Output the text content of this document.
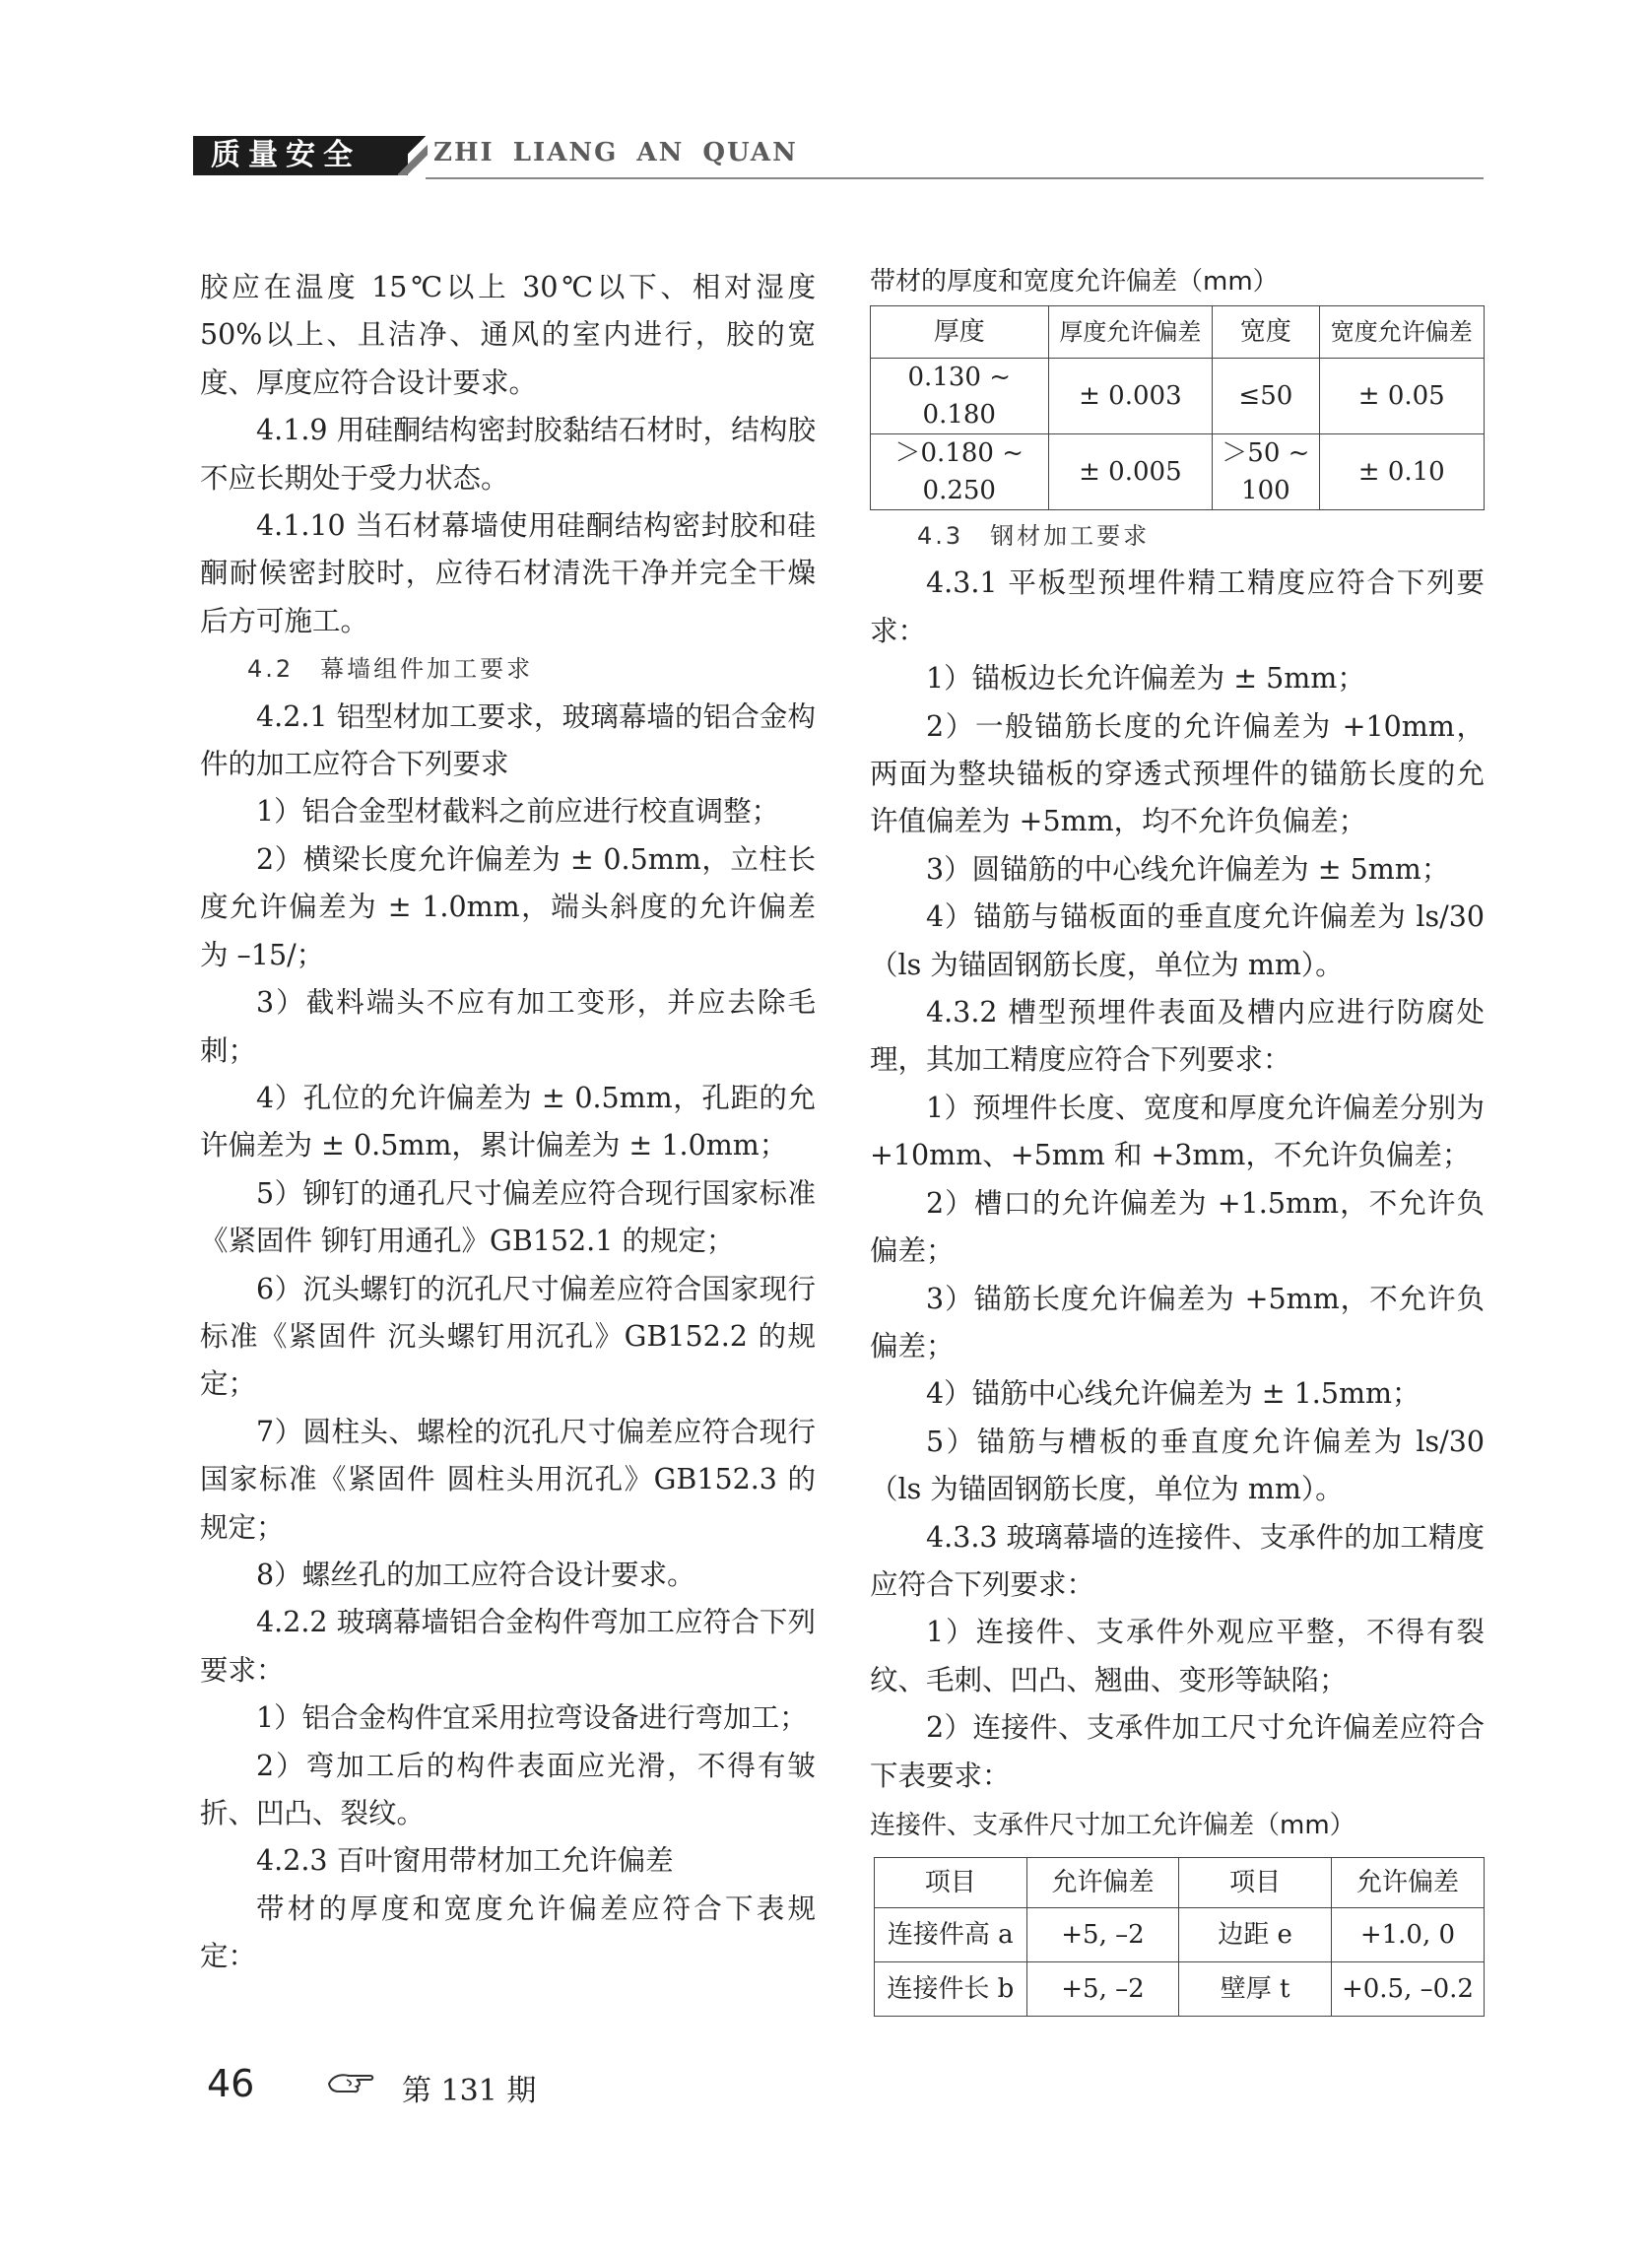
质量安全	ZHI LIANG AN QUAN

胶应在温度 15℃以上 30℃以下、相对湿度 50%以上、且洁净、通风的室内进行，胶的宽度、厚度应符合设计要求。

4.1.9 用硅酮结构密封胶黏结石材时，结构胶不应长期处于受力状态。

4.1.10 当石材幕墙使用硅酮结构密封胶和硅酮耐候密封胶时，应待石材清洗干净并完全干燥后方可施工。

4.2　幕墙组件加工要求

4.2.1 铝型材加工要求，玻璃幕墙的铝合金构件的加工应符合下列要求

1）铝合金型材截料之前应进行校直调整；

2）横梁长度允许偏差为 ± 0.5mm，立柱长度允许偏差为 ± 1.0mm，端头斜度的允许偏差为 –15/；

3）截料端头不应有加工变形，并应去除毛刺；

4）孔位的允许偏差为 ± 0.5mm，孔距的允许偏差为 ± 0.5mm，累计偏差为 ± 1.0mm；

5）铆钉的通孔尺寸偏差应符合现行国家标准《紧固件 铆钉用通孔》GB152.1 的规定；

6）沉头螺钉的沉孔尺寸偏差应符合国家现行标准《紧固件 沉头螺钉用沉孔》GB152.2 的规定；

7）圆柱头、螺栓的沉孔尺寸偏差应符合现行国家标准《紧固件 圆柱头用沉孔》GB152.3 的规定；

8）螺丝孔的加工应符合设计要求。

4.2.2 玻璃幕墙铝合金构件弯加工应符合下列要求：

1）铝合金构件宜采用拉弯设备进行弯加工；

2）弯加工后的构件表面应光滑，不得有皱折、凹凸、裂纹。

4.2.3 百叶窗用带材加工允许偏差

带材的厚度和宽度允许偏差应符合下表规定：

带材的厚度和宽度允许偏差（mm）

厚度	厚度允许偏差	宽度	宽度允许偏差
0.130 ~ 0.180	± 0.003	≤50	± 0.05
＞0.180 ~ 0.250	± 0.005	＞50 ~ 100	± 0.10

4.3　钢材加工要求

4.3.1 平板型预埋件精工精度应符合下列要求：

1）锚板边长允许偏差为 ± 5mm；

2）一般锚筋长度的允许偏差为 +10mm，两面为整块锚板的穿透式预埋件的锚筋长度的允许值偏差为 +5mm，均不允许负偏差；

3）圆锚筋的中心线允许偏差为 ± 5mm；

4）锚筋与锚板面的垂直度允许偏差为 ls/30（ls 为锚固钢筋长度，单位为 mm）。

4.3.2 槽型预埋件表面及槽内应进行防腐处理，其加工精度应符合下列要求：

1）预埋件长度、宽度和厚度允许偏差分别为 +10mm、+5mm 和 +3mm，不允许负偏差；

2）槽口的允许偏差为 +1.5mm，不允许负偏差；

3）锚筋长度允许偏差为 +5mm，不允许负偏差；

4）锚筋中心线允许偏差为 ± 1.5mm；

5）锚筋与槽板的垂直度允许偏差为 ls/30（ls 为锚固钢筋长度，单位为 mm）。

4.3.3 玻璃幕墙的连接件、支承件的加工精度应符合下列要求：

1）连接件、支承件外观应平整，不得有裂纹、毛刺、凹凸、翘曲、变形等缺陷；

2）连接件、支承件加工尺寸允许偏差应符合下表要求：

连接件、支承件尺寸加工允许偏差（mm）

项目	允许偏差	项目	允许偏差
连接件高 a	+5, –2	边距 e	+1.0, 0
连接件长 b	+5, –2	壁厚 t	+0.5, –0.2
46	第 131 期
